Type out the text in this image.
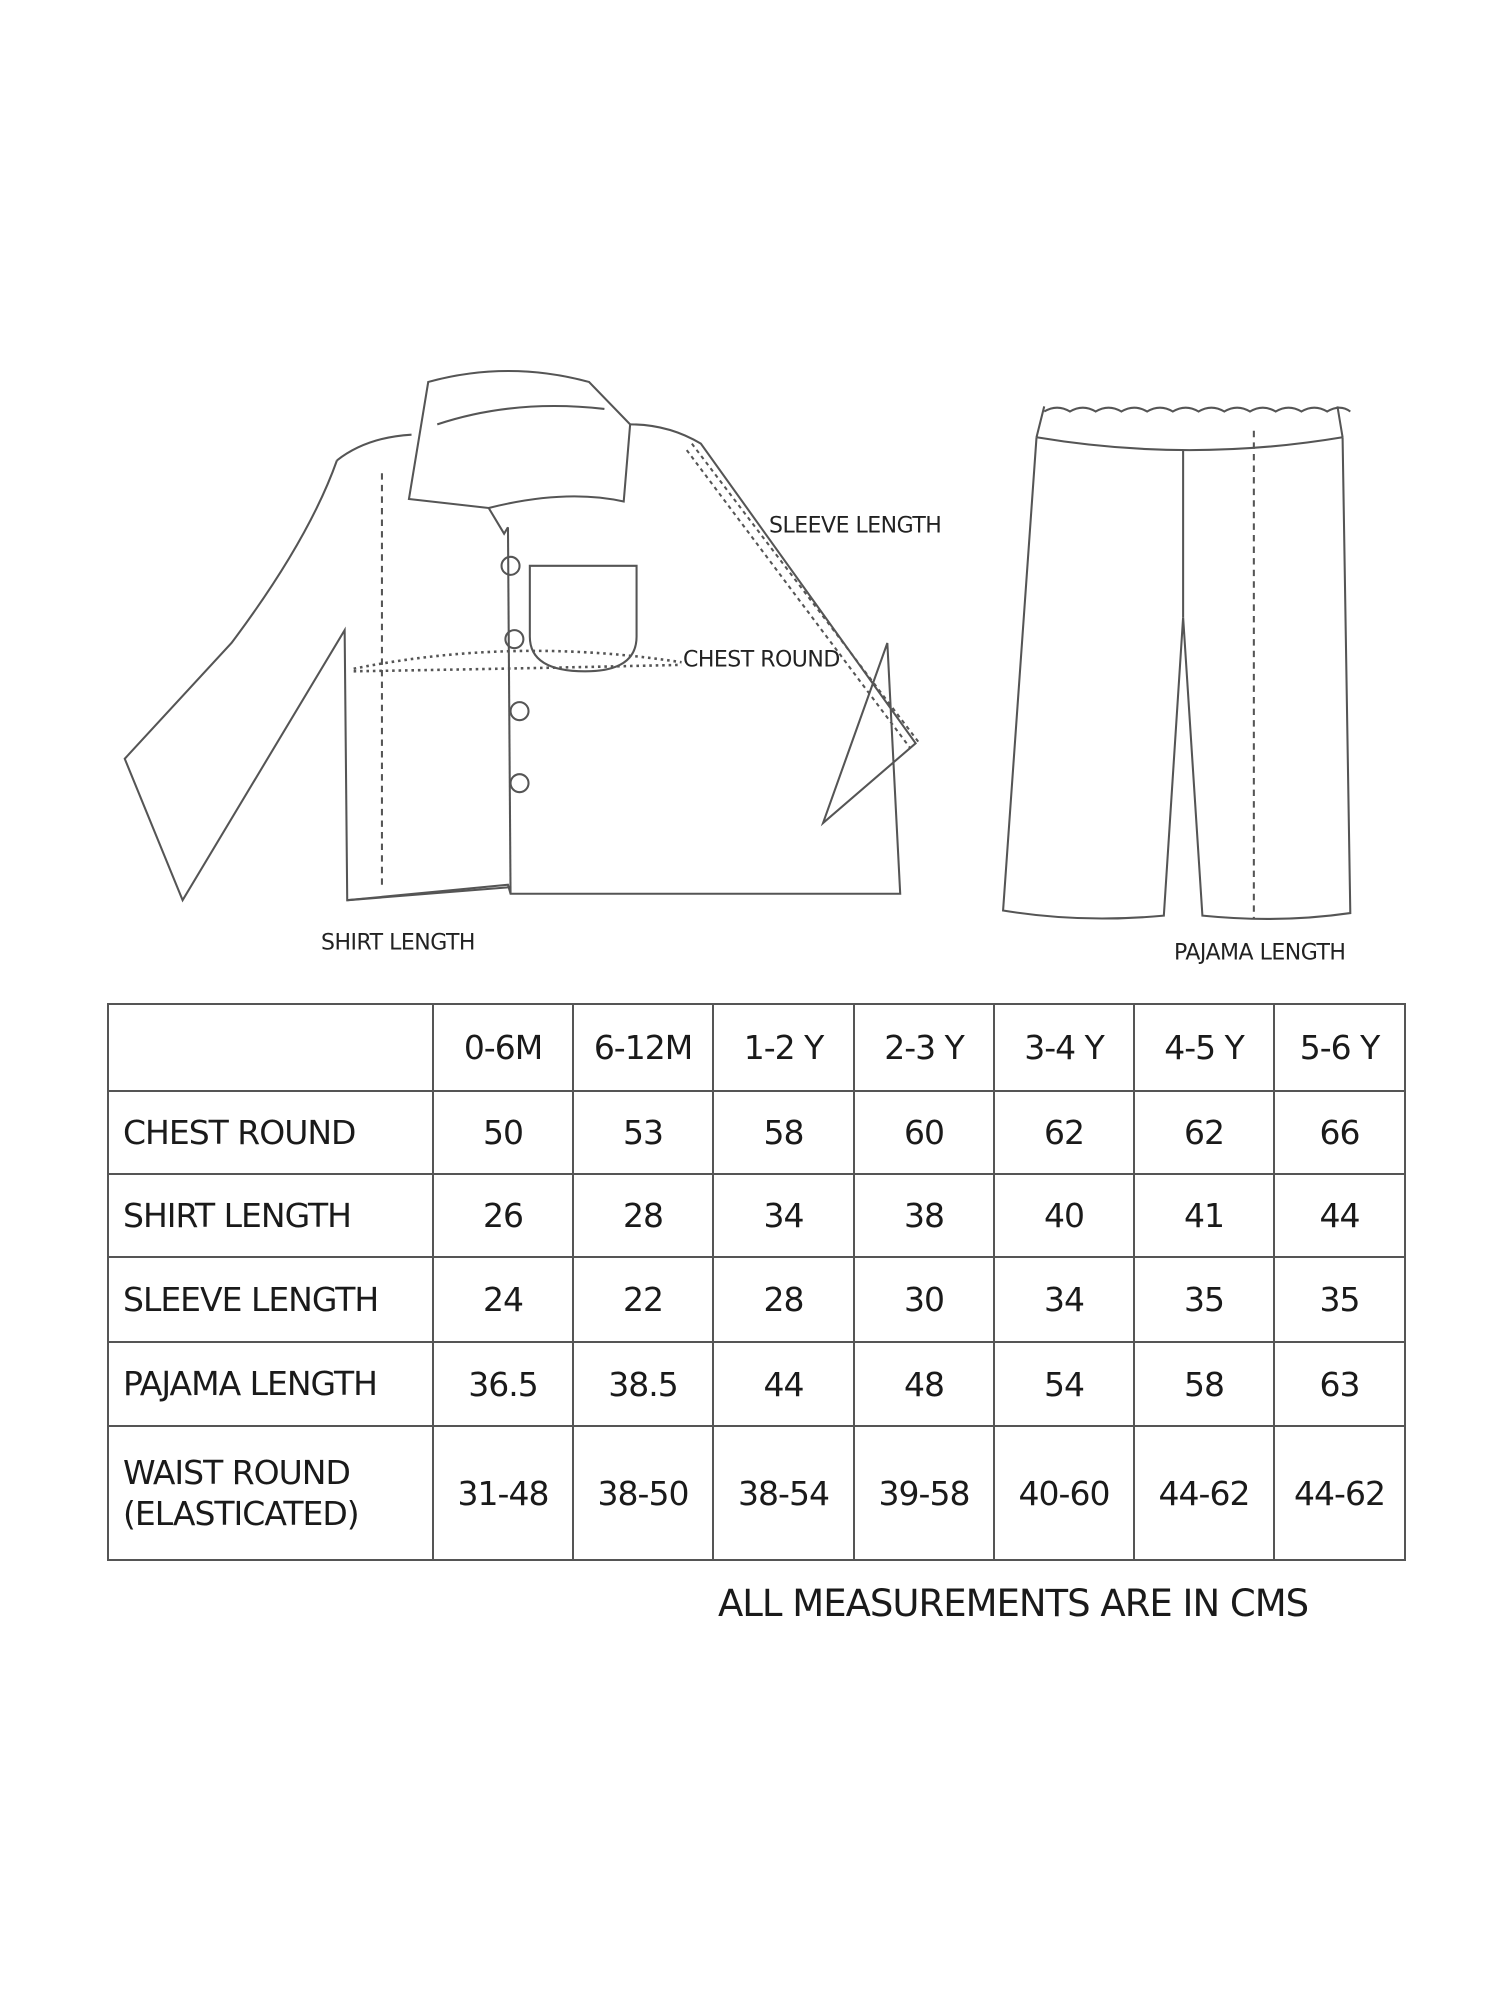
SLEEVE LENGTH
CHEST ROUND
SHIRT LENGTH	PAJAMA LENGTH
	0-6M	6-12M	1-2 Y	2-3 Y	3-4 Y	4-5 Y	5-6 Y
CHEST ROUND	50	53	58	60	62	62	66
SHIRT LENGTH	26	28	34	38	40	41	44
SLEEVE LENGTH	24	22	28	30	34	35	35
PAJAMA LENGTH	36.5	38.5	44	48	54	58	63
WAIST ROUND
(ELASTICATED)	31-48	38-50	38-54	39-58	40-60	44-62	44-62
ALL MEASUREMENTS ARE IN CMS
